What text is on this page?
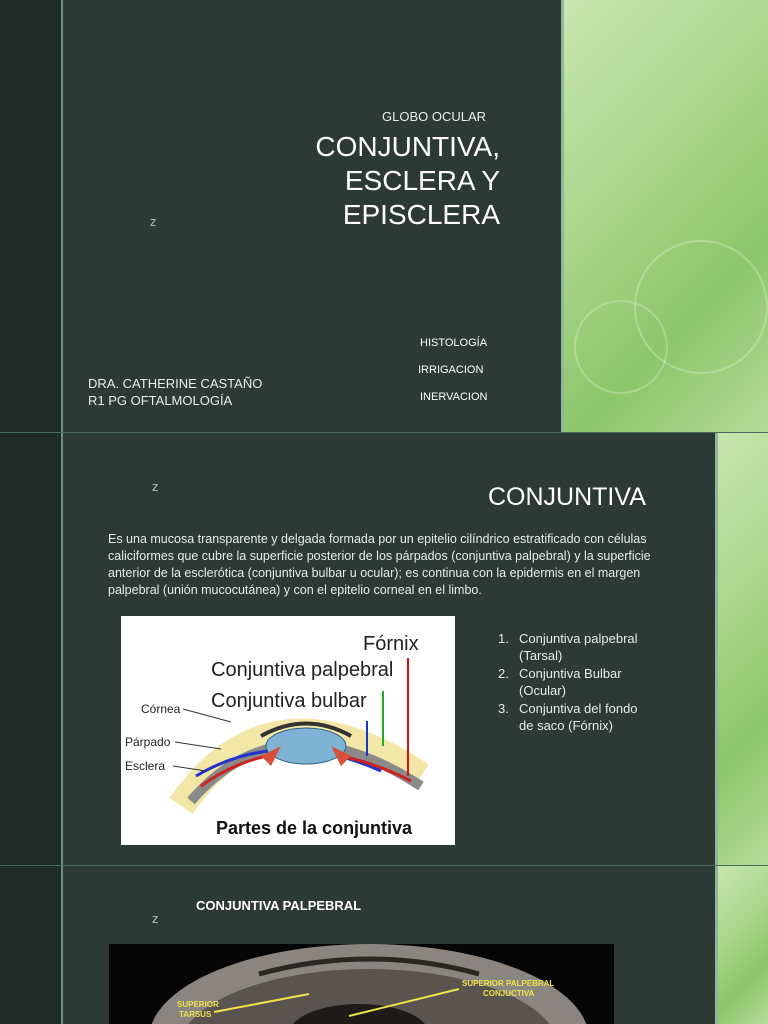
GLOBO OCULAR
CONJUNTIVA,
ESCLERA Y
EPISCLERA
z
HISTOLOGÍA
IRRIGACION
INERVACION
DRA. CATHERINE CASTAÑO
R1 PG OFTALMOLOGÍA
z	CONJUNTIVA
Es una mucosa transparente y delgada formada por un epitelio cilíndrico estratificado con células caliciformes que cubre la superficie posterior de los párpados (conjuntiva palpebral) y la superficie anterior de la esclerótica (conjuntiva bulbar u ocular); es continua con la epidermis en el margen palpebral (unión mucocutánea) y con el epitelio corneal en el limbo.
Fórnix
Conjuntiva palpebral
Conjuntiva bulbar
Córnea
Párpado
Esclera
Partes de la conjuntiva
1. Conjuntiva palpebral
(Tarsal)
2. Conjuntiva Bulbar
(Ocular)
3. Conjuntiva del fondo
de saco (Fórnix)
z
CONJUNTIVA PALPEBRAL
SUPERIOR
TARSUS
SUPERIOR PALPEBRAL
CONJUCTIVA
